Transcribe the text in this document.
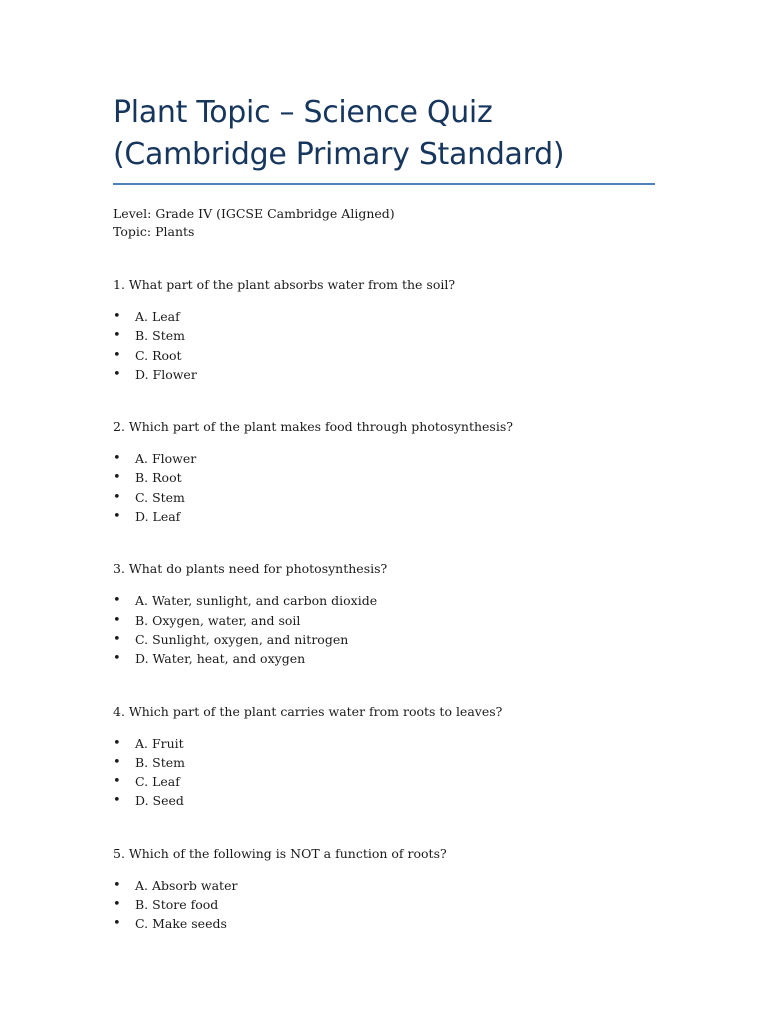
Plant Topic – Science Quiz
(Cambridge Primary Standard)
Level: Grade IV (IGCSE Cambridge Aligned)
Topic: Plants

1. What part of the plant absorbs water from the soil?

• A. Leaf
• B. Stem
• C. Root
• D. Flower

2. Which part of the plant makes food through photosynthesis?

• A. Flower
• B. Root
• C. Stem
• D. Leaf

3. What do plants need for photosynthesis?

• A. Water, sunlight, and carbon dioxide
• B. Oxygen, water, and soil
• C. Sunlight, oxygen, and nitrogen
• D. Water, heat, and oxygen

4. Which part of the plant carries water from roots to leaves?

• A. Fruit
• B. Stem
• C. Leaf
• D. Seed

5. Which of the following is NOT a function of roots?

• A. Absorb water
• B. Store food
• C. Make seeds
